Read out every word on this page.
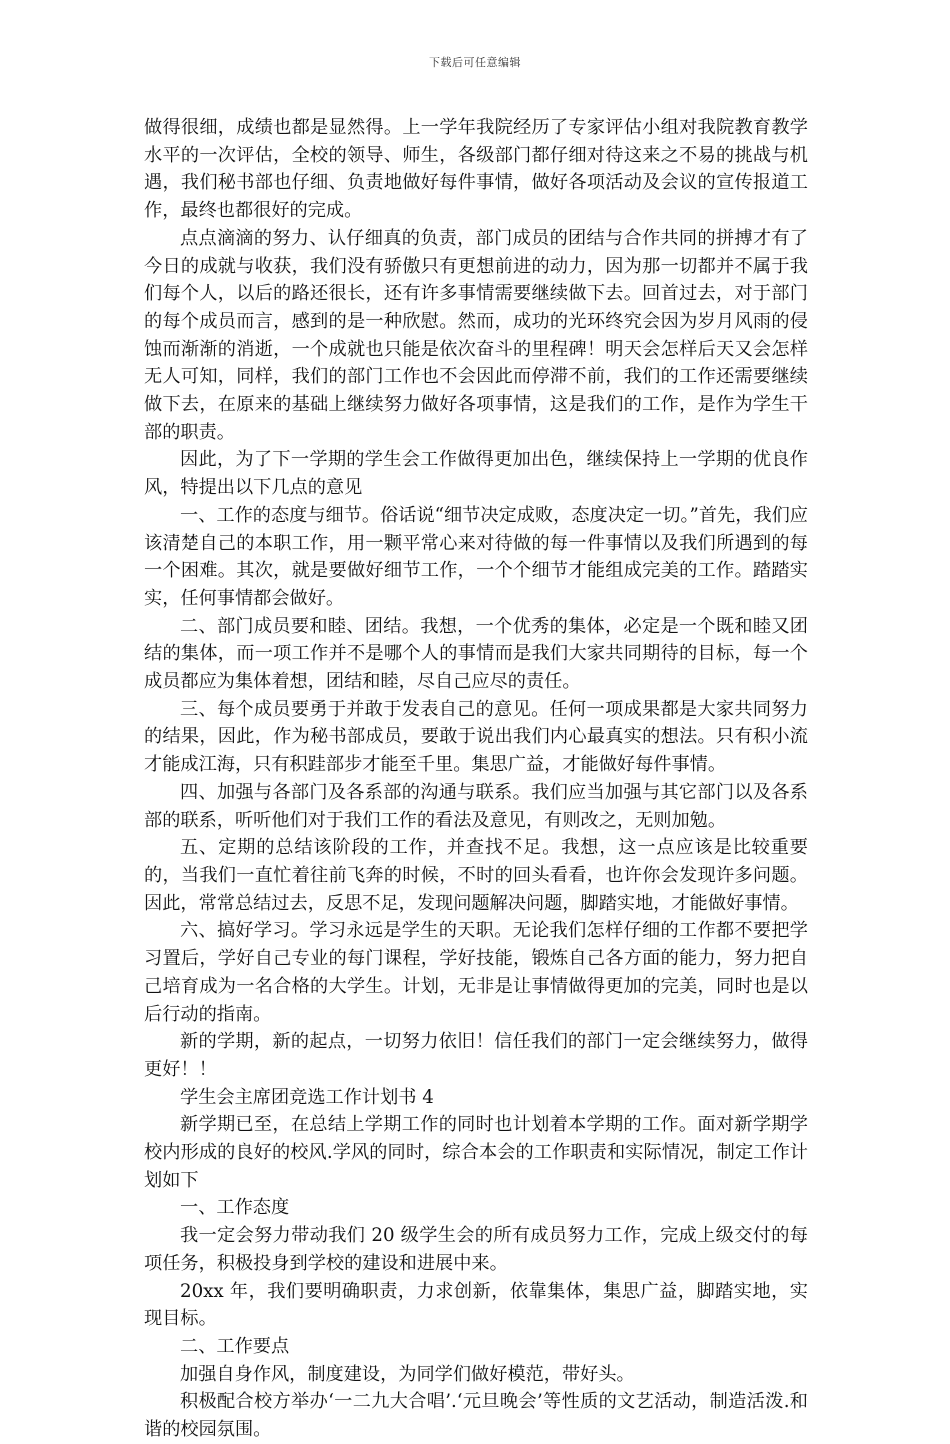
下载后可任意编辑

做得很细，成绩也都是显然得。上一学年我院经历了专家评估小组对我院教育教学水平的一次评估，全校的领导、师生，各级部门都仔细对待这来之不易的挑战与机遇，我们秘书部也仔细、负责地做好每件事情，做好各项活动及会议的宣传报道工作，最终也都很好的完成。

点点滴滴的努力、认仔细真的负责，部门成员的团结与合作共同的拼搏才有了今日的成就与收获，我们没有骄傲只有更想前进的动力，因为那一切都并不属于我们每个人，以后的路还很长，还有许多事情需要继续做下去。回首过去，对于部门的每个成员而言，感到的是一种欣慰。然而，成功的光环终究会因为岁月风雨的侵蚀而渐渐的消逝，一个成就也只能是依次奋斗的里程碑！明天会怎样后天又会怎样无人可知，同样，我们的部门工作也不会因此而停滞不前，我们的工作还需要继续做下去，在原来的基础上继续努力做好各项事情，这是我们的工作，是作为学生干部的职责。

因此，为了下一学期的学生会工作做得更加出色，继续保持上一学期的优良作风，特提出以下几点的意见

一、工作的态度与细节。俗话说“细节决定成败，态度决定一切。”首先，我们应该清楚自己的本职工作，用一颗平常心来对待做的每一件事情以及我们所遇到的每一个困难。其次，就是要做好细节工作，一个个细节才能组成完美的工作。踏踏实实，任何事情都会做好。

二、部门成员要和睦、团结。我想，一个优秀的集体，必定是一个既和睦又团结的集体，而一项工作并不是哪个人的事情而是我们大家共同期待的目标，每一个成员都应为集体着想，团结和睦，尽自己应尽的责任。

三、每个成员要勇于并敢于发表自己的意见。任何一项成果都是大家共同努力的结果，因此，作为秘书部成员，要敢于说出我们内心最真实的想法。只有积小流才能成江海，只有积跬部步才能至千里。集思广益，才能做好每件事情。

四、加强与各部门及各系部的沟通与联系。我们应当加强与其它部门以及各系部的联系，听听他们对于我们工作的看法及意见，有则改之，无则加勉。

五、定期的总结该阶段的工作，并查找不足。我想，这一点应该是比较重要的，当我们一直忙着往前飞奔的时候，不时的回头看看，也许你会发现许多问题。因此，常常总结过去，反思不足，发现问题解决问题，脚踏实地，才能做好事情。

六、搞好学习。学习永远是学生的天职。无论我们怎样仔细的工作都不要把学习置后，学好自己专业的每门课程，学好技能，锻炼自己各方面的能力，努力把自己培育成为一名合格的大学生。计划，无非是让事情做得更加的完美，同时也是以后行动的指南。

新的学期，新的起点，一切努力依旧！信任我们的部门一定会继续努力，做得更好！！

学生会主席团竞选工作计划书 4

新学期已至，在总结上学期工作的同时也计划着本学期的工作。面对新学期学校内形成的良好的校风.学风的同时，综合本会的工作职责和实际情况，制定工作计划如下

一、工作态度

我一定会努力带动我们 20 级学生会的所有成员努力工作，完成上级交付的每项任务，积极投身到学校的建设和进展中来。

20xx 年，我们要明确职责，力求创新，依靠集体，集思广益，脚踏实地，实现目标。

二、工作要点

加强自身作风，制度建设，为同学们做好模范，带好头。

积极配合校方举办‘一二九大合唱’.‘元旦晚会’等性质的文艺活动，制造活泼.和谐的校园氛围。
